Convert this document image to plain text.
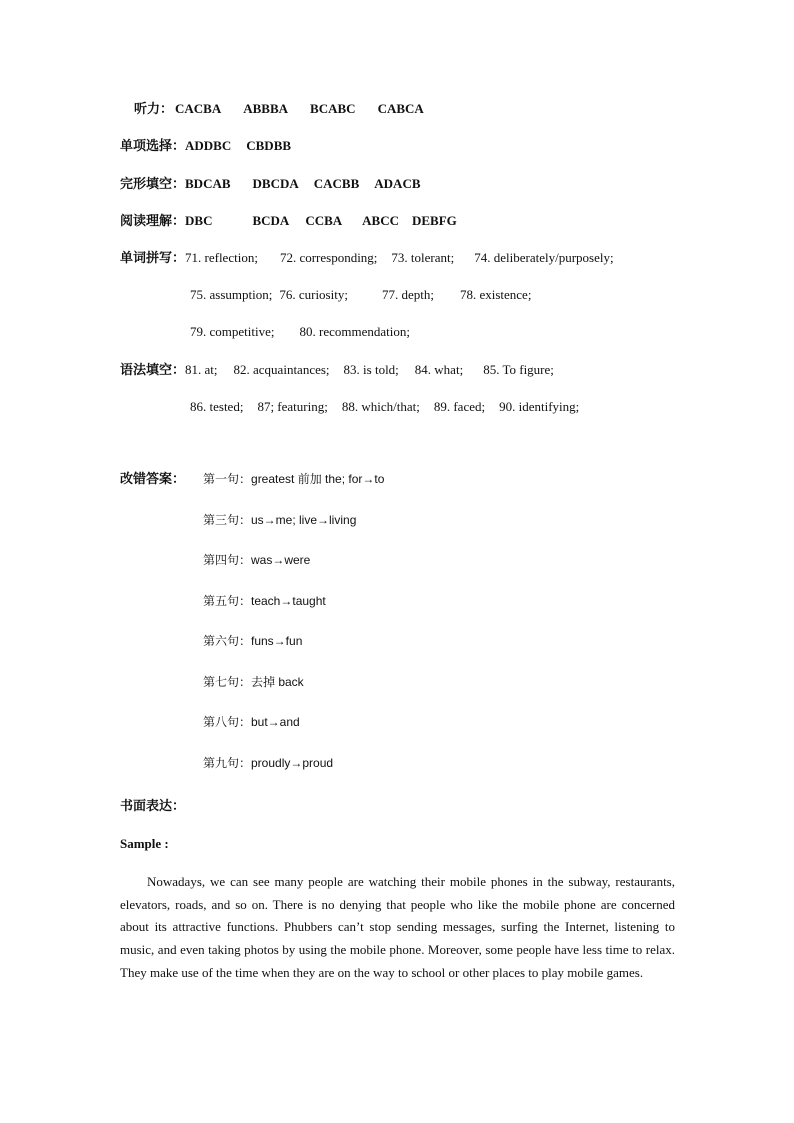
听力： CACBA ABBBA BCABC CABCA
单项选择：ADDBC CBDBB
完形填空：BDCAB DBCDA CACBB ADACB
阅读理解：DBC	BCDA CCBA ABCC DEBFG
单词拼写：71. reflection; 72. corresponding; 73. tolerant; 74. deliberately/purposely;
75. assumption; 76. curiosity;	77. depth; 78. existence;
79. competitive; 80. recommendation;
语法填空：81. at; 82. acquaintances; 83. is told; 84. what; 85. To figure;
86. tested; 87; featuring; 88. which/that; 89. faced; 90. identifying;
改错答案： 第一句：greatest 前加 the; for→to
第三句：us→me; live→living
第四句：was→were
第五句：teach→taught
第六句：funs→fun
第七句：去掉 back
第八句：but→and
第九句：proudly→proud
书面表达：
Sample :
Nowadays, we can see many people are watching their mobile phones in the subway, restaurants, elevators, roads, and so on. There is no denying that people who like the mobile phone are concerned about its attractive functions. Phubbers can’t stop sending messages, surfing the Internet, listening to music, and even taking photos by using the mobile phone. Moreover, some people have less time to relax. They make use of the time when they are on the way to school or other places to play mobile games.
